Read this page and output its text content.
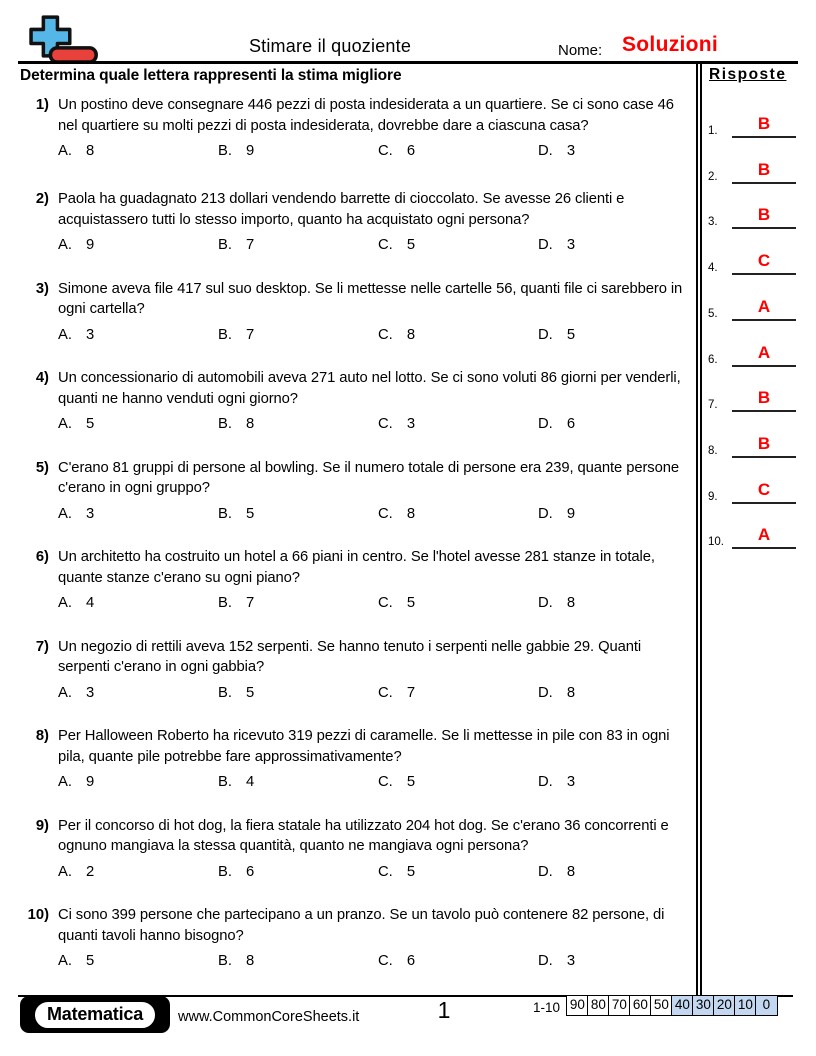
Stimare il quoziente	Nome: Soluzioni
Determina quale lettera rappresenti la stima migliore
1) Un postino deve consegnare 446 pezzi di posta indesiderata a un quartiere. Se ci sono case 46 nel quartiere su molti pezzi di posta indesiderata, dovrebbe dare a ciascuna casa?

A. 8	B. 9	C. 6	D. 3
2) Paola ha guadagnato 213 dollari vendendo barrette di cioccolato. Se avesse 26 clienti e acquistassero tutti lo stesso importo, quanto ha acquistato ogni persona?

A. 9	B. 7	C. 5	D. 3
3) Simone aveva file 417 sul suo desktop. Se li mettesse nelle cartelle 56, quanti file ci sarebbero in ogni cartella?

A. 3	B. 7	C. 8	D. 5
4) Un concessionario di automobili aveva 271 auto nel lotto. Se ci sono voluti 86 giorni per venderli, quanti ne hanno venduti ogni giorno?

A. 5	B. 8	C. 3	D. 6
5) C'erano 81 gruppi di persone al bowling. Se il numero totale di persone era 239, quante persone c'erano in ogni gruppo?

A. 3	B. 5	C. 8	D. 9
6) Un architetto ha costruito un hotel a 66 piani in centro. Se l'hotel avesse 281 stanze in totale, quante stanze c'erano su ogni piano?

A. 4	B. 7	C. 5	D. 8
7) Un negozio di rettili aveva 152 serpenti. Se hanno tenuto i serpenti nelle gabbie 29. Quanti serpenti c'erano in ogni gabbia?

A. 3	B. 5	C. 7	D. 8
8) Per Halloween Roberto ha ricevuto 319 pezzi di caramelle. Se li mettesse in pile con 83 in ogni pila, quante pile potrebbe fare approssimativamente?

A. 9	B. 4	C. 5	D. 3
9) Per il concorso di hot dog, la fiera statale ha utilizzato 204 hot dog. Se c'erano 36 concorrenti e ognuno mangiava la stessa quantità, quanto ne mangiava ogni persona?

A. 2	B. 6	C. 5	D. 8
10) Ci sono 399 persone che partecipano a un pranzo. Se un tavolo può contenere 82 persone, di quanti tavoli hanno bisogno?

A. 5	B. 8	C. 6	D. 3
Risposte
1.	B
2.	B
3.	B
4.	C
5.	A
6.	A
7.	B
8.	B
9.	C
10.	A
Matematica	www.CommonCoreSheets.it	1	1-10 90 80 70 60 50 40 30 20 10 0
